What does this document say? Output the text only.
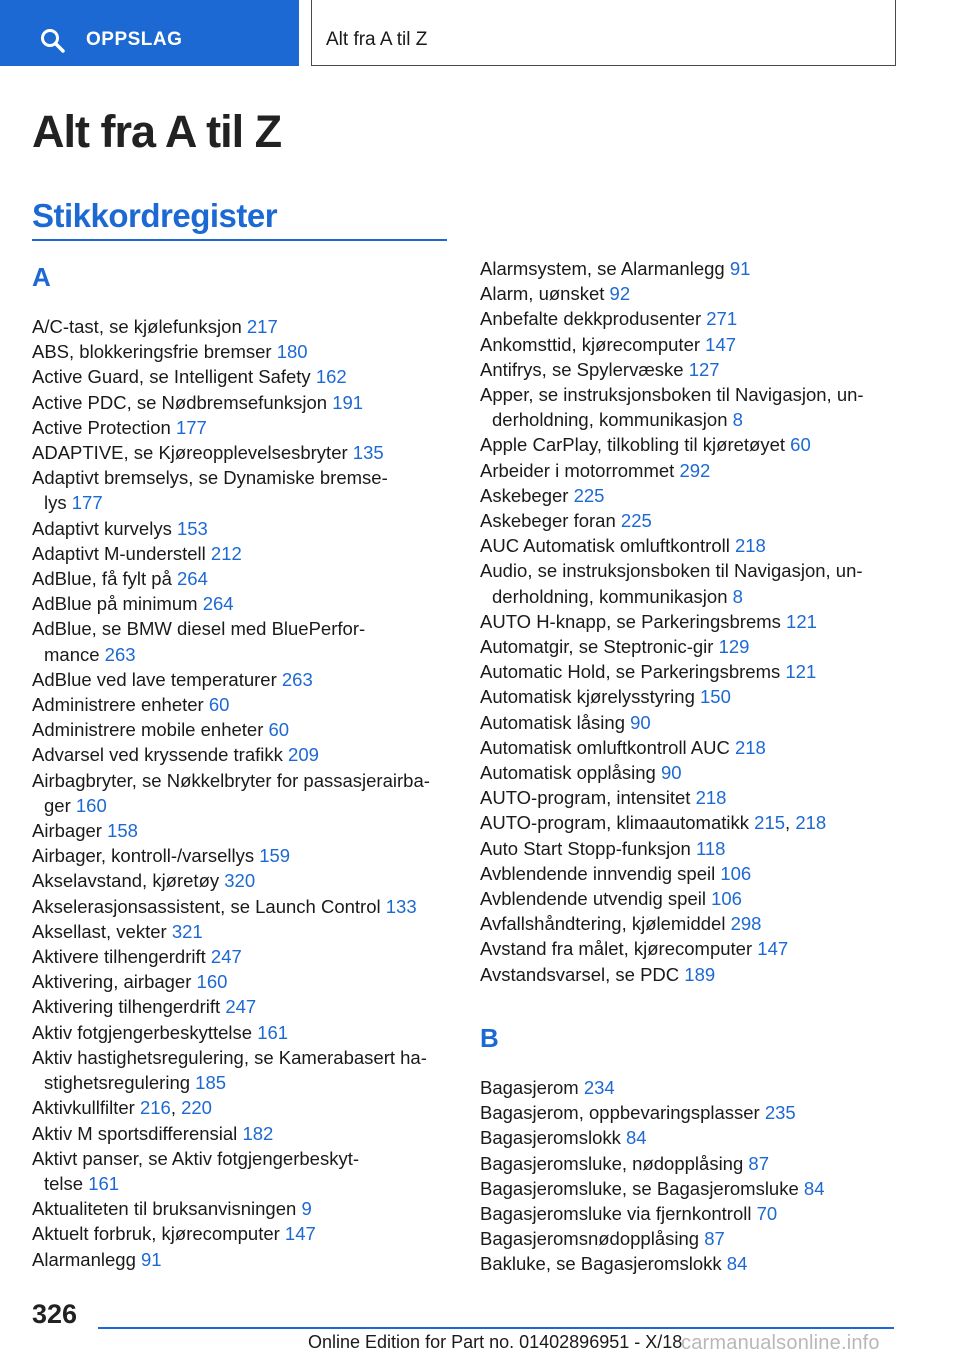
OPPSLAG	Alt fra A til Z
Alt fra A til Z
Stikkordregister
A
A/C-tast, se kjølefunksjon 217
ABS, blokkeringsfrie bremser 180
Active Guard, se Intelligent Safety 162
Active PDC, se Nødbremsefunksjon 191
Active Protection 177
ADAPTIVE, se Kjøreopplevelsesbryter 135
Adaptivt bremselys, se Dynamiske bremse-
lys 177
Adaptivt kurvelys 153
Adaptivt M-understell 212
AdBlue, få fylt på 264
AdBlue på minimum 264
AdBlue, se BMW diesel med BluePerfor-
mance 263
AdBlue ved lave temperaturer 263
Administrere enheter 60
Administrere mobile enheter 60
Advarsel ved kryssende trafikk 209
Airbagbryter, se Nøkkelbryter for passasjerairba-
ger 160
Airbager 158
Airbager, kontroll-/varsellys 159
Akselavstand, kjøretøy 320
Akselerasjonsassistent, se Launch Control 133
Aksellast, vekter 321
Aktivere tilhengerdrift 247
Aktivering, airbager 160
Aktivering tilhengerdrift 247
Aktiv fotgjengerbeskyttelse 161
Aktiv hastighetsregulering, se Kamerabasert ha-
stighetsregulering 185
Aktivkullfilter 216, 220
Aktiv M sportsdifferensial 182
Aktivt panser, se Aktiv fotgjengerbeskyt-
telse 161
Aktualiteten til bruksanvisningen 9
Aktuelt forbruk, kjørecomputer 147
Alarmanlegg 91
Alarmsystem, se Alarmanlegg 91
Alarm, uønsket 92
Anbefalte dekkprodusenter 271
Ankomsttid, kjørecomputer 147
Antifrys, se Spylervæske 127
Apper, se instruksjonsboken til Navigasjon, un-
derholdning, kommunikasjon 8
Apple CarPlay, tilkobling til kjøretøyet 60
Arbeider i motorrommet 292
Askebeger 225
Askebeger foran 225
AUC Automatisk omluftkontroll 218
Audio, se instruksjonsboken til Navigasjon, un-
derholdning, kommunikasjon 8
AUTO H-knapp, se Parkeringsbrems 121
Automatgir, se Steptronic-gir 129
Automatic Hold, se Parkeringsbrems 121
Automatisk kjørelysstyring 150
Automatisk låsing 90
Automatisk omluftkontroll AUC 218
Automatisk opplåsing 90
AUTO-program, intensitet 218
AUTO-program, klimaautomatikk 215, 218
Auto Start Stopp-funksjon 118
Avblendende innvendig speil 106
Avblendende utvendig speil 106
Avfallshåndtering, kjølemiddel 298
Avstand fra målet, kjørecomputer 147
Avstandsvarsel, se PDC 189
B
Bagasjerom 234
Bagasjerom, oppbevaringsplasser 235
Bagasjeromslokk 84
Bagasjeromsluke, nødopplåsing 87
Bagasjeromsluke, se Bagasjeromsluke 84
Bagasjeromsluke via fjernkontroll 70
Bagasjeromsnødopplåsing 87
Bakluke, se Bagasjeromslokk 84
326
Online Edition for Part no. 01402896951 - X/18
carmanualsonline.info
